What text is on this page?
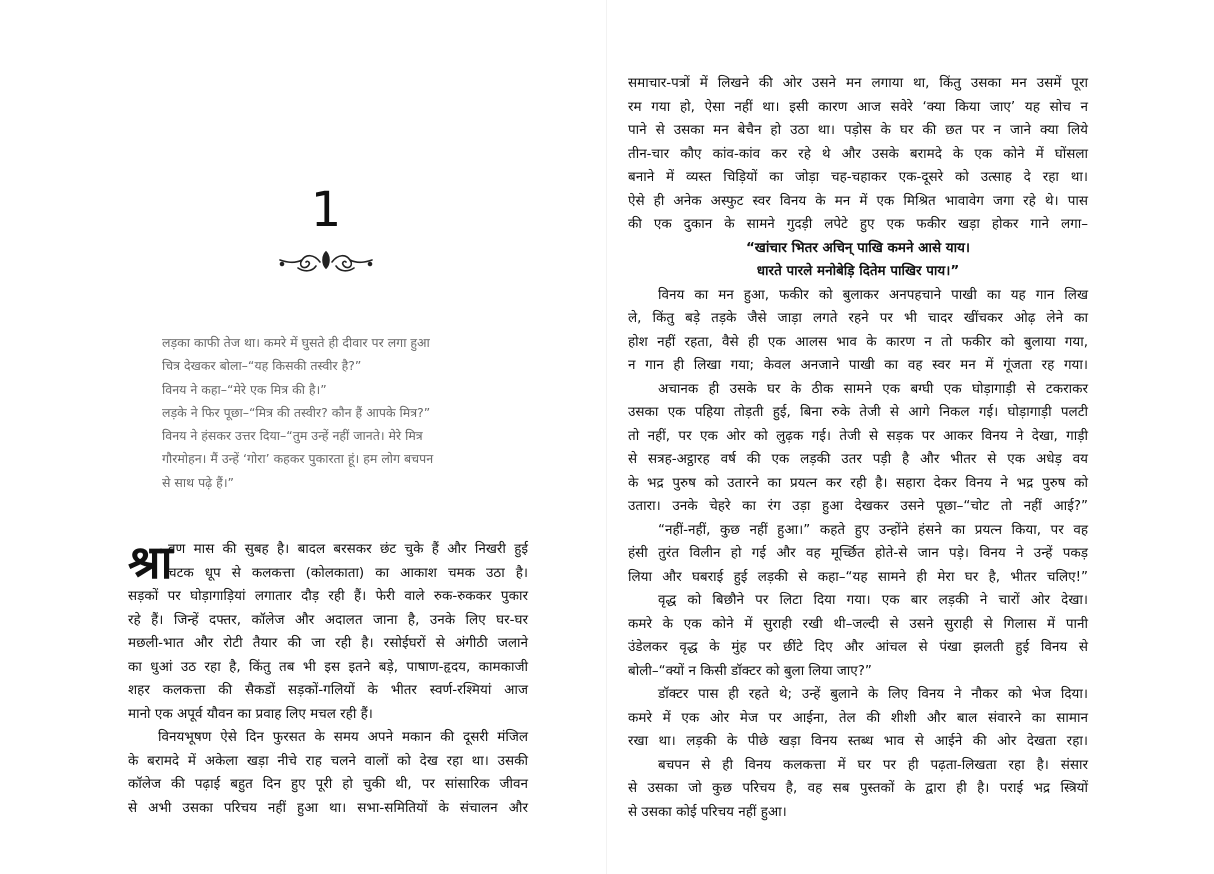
1

लड़का काफी तेज था। कमरे में घुसते ही दीवार पर लगा हुआ

चित्र देखकर बोला–“यह किसकी तस्वीर है?”

विनय ने कहा–“मेरे एक मित्र की है।”

लड़के ने फिर पूछा–“मित्र की तस्वीर? कौन हैं आपके मित्र?”

विनय ने हंसकर उत्तर दिया–“तुम उन्हें नहीं जानते। मेरे मित्र

गौरमोहन। मैं उन्हें ‘गोरा’ कहकर पुकारता हूं। हम लोग बचपन

से साथ पढ़े हैं।”

श्रा
वण मास की सुबह है। बादल बरसकर छंट चुके हैं और निखरी हुई
चटक धूप से कलकत्ता (कोलकाता) का आकाश चमक उठा है।
सड़कों पर घोड़ागाड़ियां लगातार दौड़ रही हैं। फेरी वाले रुक-रुककर पुकार
रहे हैं। जिन्हें दफ्तर, कॉलेज और अदालत जाना है, उनके लिए घर-घर
मछली-भात और रोटी तैयार की जा रही है। रसोईघरों से अंगीठी जलाने
का धुआं उठ रहा है, किंतु तब भी इस इतने बड़े, पाषाण-हृदय, कामकाजी
शहर कलकत्ता की सैकडों सड़कों-गलियों के भीतर स्वर्ण-रश्मियां आज
मानो एक अपूर्व यौवन का प्रवाह लिए मचल रही हैं।
विनयभूषण ऐसे दिन फुरसत के समय अपने मकान की दूसरी मंजिल
के बरामदे में अकेला खड़ा नीचे राह चलने वालों को देख रहा था। उसकी
कॉलेज की पढ़ाई बहुत दिन हुए पूरी हो चुकी थी, पर सांसारिक जीवन
से अभी उसका परिचय नहीं हुआ था। सभा-समितियों के संचालन और
समाचार-पत्रों में लिखने की ओर उसने मन लगाया था, किंतु उसका मन उसमें पूरा
रम गया हो, ऐसा नहीं था। इसी कारण आज सवेरे ‘क्या किया जाए’ यह सोच न
पाने से उसका मन बेचैन हो उठा था। पड़ोस के घर की छत पर न जाने क्या लिये
तीन-चार कौए कांव-कांव कर रहे थे और उसके बरामदे के एक कोने में घोंसला
बनाने में व्यस्त चिड़ियों का जोड़ा चह-चहाकर एक-दूसरे को उत्साह दे रहा था।
ऐसे ही अनेक अस्फुट स्वर विनय के मन में एक मिश्रित भावावेग जगा रहे थे। पास
की एक दुकान के सामने गुदड़ी लपेटे हुए एक फकीर खड़ा होकर गाने लगा–
“खांचार भितर अचिन् पाखि कमने आसे याय।
धारते पारले मनोबेड़ि दितेम पाखिर पाय।”
विनय का मन हुआ, फकीर को बुलाकर अनपहचाने पाखी का यह गान लिख
ले, किंतु बड़े तड़के जैसे जाड़ा लगते रहने पर भी चादर खींचकर ओढ़ लेने का
होश नहीं रहता, वैसे ही एक आलस भाव के कारण न तो फकीर को बुलाया गया,
न गान ही लिखा गया; केवल अनजाने पाखी का वह स्वर मन में गूंजता रह गया।
अचानक ही उसके घर के ठीक सामने एक बग्घी एक घोड़ागाड़ी से टकराकर
उसका एक पहिया तोड़ती हुई, बिना रुके तेजी से आगे निकल गई। घोड़ागाड़ी पलटी
तो नहीं, पर एक ओर को लुढ़क गई। तेजी से सड़क पर आकर विनय ने देखा, गाड़ी
से सत्रह-अट्ठारह वर्ष की एक लड़की उतर पड़ी है और भीतर से एक अधेड़ वय
के भद्र पुरुष को उतारने का प्रयत्न कर रही है। सहारा देकर विनय ने भद्र पुरुष को
उतारा। उनके चेहरे का रंग उड़ा हुआ देखकर उसने पूछा–“चोट तो नहीं आई?”
“नहीं-नहीं, कुछ नहीं हुआ।” कहते हुए उन्होंने हंसने का प्रयत्न किया, पर वह
हंसी तुरंत विलीन हो गई और वह मूर्च्छित होते-से जान पड़े। विनय ने उन्हें पकड़
लिया और घबराई हुई लड़की से कहा–“यह सामने ही मेरा घर है, भीतर चलिए!”
वृद्ध को बिछौने पर लिटा दिया गया। एक बार लड़की ने चारों ओर देखा।
कमरे के एक कोने में सुराही रखी थी–जल्दी से उसने सुराही से गिलास में पानी
उंडेलकर वृद्ध के मुंह पर छींटे दिए और आंचल से पंखा झलती हुई विनय से
बोली–“क्यों न किसी डॉक्टर को बुला लिया जाए?”
डॉक्टर पास ही रहते थे; उन्हें बुलाने के लिए विनय ने नौकर को भेज दिया।
कमरे में एक ओर मेज पर आईना, तेल की शीशी और बाल संवारने का सामान
रखा था। लड़की के पीछे खड़ा विनय स्तब्ध भाव से आईने की ओर देखता रहा।
बचपन से ही विनय कलकत्ता में घर पर ही पढ़ता-लिखता रहा है। संसार
से उसका जो कुछ परिचय है, वह सब पुस्तकों के द्वारा ही है। पराई भद्र स्त्रियों
से उसका कोई परिचय नहीं हुआ।
